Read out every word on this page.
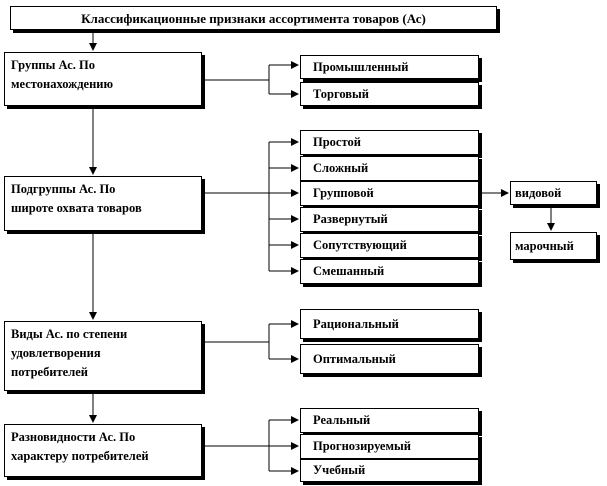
Классификационные признаки ассортимента товаров (Ас)
Группы Ас. По
местонахождению
Подгруппы Ас. По
широте охвата товаров
Виды Ас. по степени
удовлетворения
потребителей
Разновидности Ас. По
характеру потребителей
Промышленный
Торговый
Простой
Сложный
Групповой
Развернутый
Сопутствующий
Смешанный
видовой
марочный
Рациональный
Оптимальный
Реальный
Прогнозируемый
Учебный
